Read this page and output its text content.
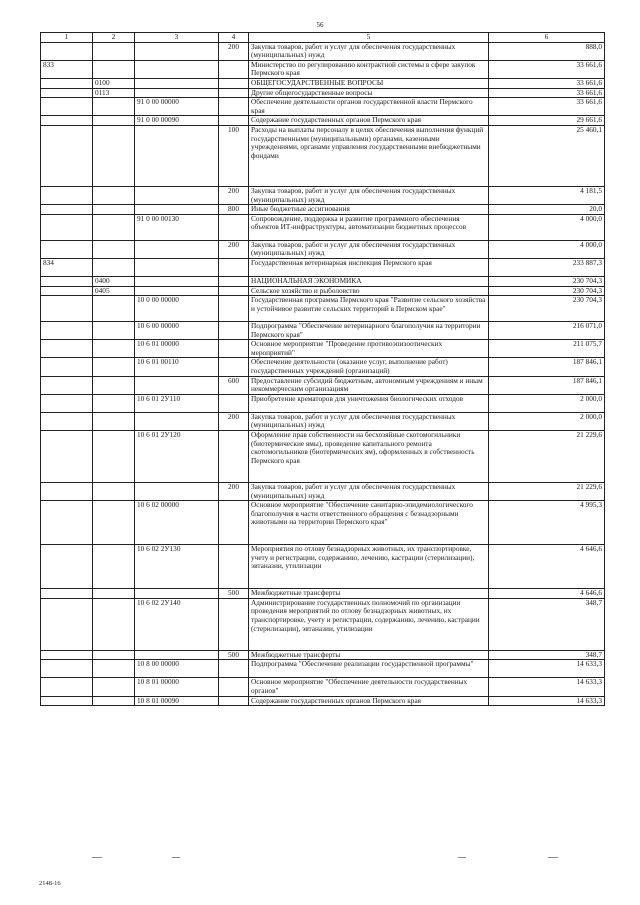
56
1	2	3	4	5	6
			200	Закупка товаров, работ и услуг для обеспечения государственных (муниципальных) нужд	888,0
833				Министерство по регулированию контрактной системы в сфере закупок Пермского края	33 661,6
	0100			ОБЩЕГОСУДАРСТВЕННЫЕ ВОПРОСЫ	33 661,6
	0113			Другие общегосударственные вопросы	33 661,6
		91 0 00 00000		Обеспечение деятельности органов государственной власти Пермского края	33 661,6
		91 0 00 00090		Содержание государственных органов Пермского края	29 661,6
			100	Расходы на выплаты персоналу в целях обеспечения выполнения функций государственными (муниципальными) органами, казенными учреждениями, органами управления государственными внебюджетными фондами	25 460,1
			200	Закупка товаров, работ и услуг для обеспечения государственных (муниципальных) нужд	4 181,5
			800	Иные бюджетные ассигнования	20,0
		91 0 00 00130		Сопровождение, поддержка и развитие программного обеспечения объектов ИТ-инфраструктуры, автоматизации бюджетных процессов	4 000,0
			200	Закупка товаров, работ и услуг для обеспечения государственных (муниципальных) нужд	4 000,0
834				Государственная ветеринарная инспекция Пермского края	233 887,3
	0400			НАЦИОНАЛЬНАЯ ЭКОНОМИКА	230 704,3
	0405			Сельское хозяйство и рыболовство	230 704,3
		10 0 00 00000		Государственная программа Пермского края "Развитие сельского хозяйства и устойчивое развитие сельских территорий в Пермском крае"	230 704,3
		10 6 00 00000		Подпрограмма "Обеспечение ветеринарного благополучия на территории Пермского края"	216 071,0
		10 6 01 00000		Основное мероприятие "Проведение противоэпизоотических мероприятий"	211 075,7
		10 6 01 00110		Обеспечение деятельности (оказание услуг, выполнение работ) государственных учреждений (организаций)	187 846,1
			600	Предоставление субсидий бюджетным, автономным учреждениям и иным некоммерческим организациям	187 846,1
		10 6 01 2У110		Приобретение крематоров для уничтожения биологических отходов	2 000,0
			200	Закупка товаров, работ и услуг для обеспечения государственных (муниципальных) нужд	2 000,0
		10 6 01 2У120		Оформление прав собственности на бесхозяйные скотомогильники (биотермические ямы), проведение капитального ремонта скотомогильников (биотермических ям), оформленных в собственность Пермского края	21 229,6
			200	Закупка товаров, работ и услуг для обеспечения государственных (муниципальных) нужд	21 229,6
		10 6 02 00000		Основное мероприятие "Обеспечение санитарно-эпидемиологического благополучия в части ответственного обращения с безнадзорными животными на территории Пермского края"	4 995,3
		10 6 02 2У130		Мероприятия по отлову безнадзорных животных, их транспортировке, учету и регистрации, содержанию, лечению, кастрации (стерилизации), эвтаназии, утилизации	4 646,6
			500	Межбюджетные трансферты	4 646,6
		10 6 02 2У140		Администрирование государственных полномочий по организации проведения мероприятий по отлову безнадзорных животных, их транспортировке, учету и регистрации, содержанию, лечению, кастрации (стерилизации), эвтаназии, утилизации	348,7
			500	Межбюджетные трансферты	348,7
		10 8 00 00000		Подпрограмма "Обеспечение реализации государственной программы"	14 633,3
		10 8 01 00000		Основное мероприятие "Обеспечение деятельности государственных органов"	14 633,3
		10 8 01 00090		Содержание государственных органов Пермского края	14 633,3
2148-16
